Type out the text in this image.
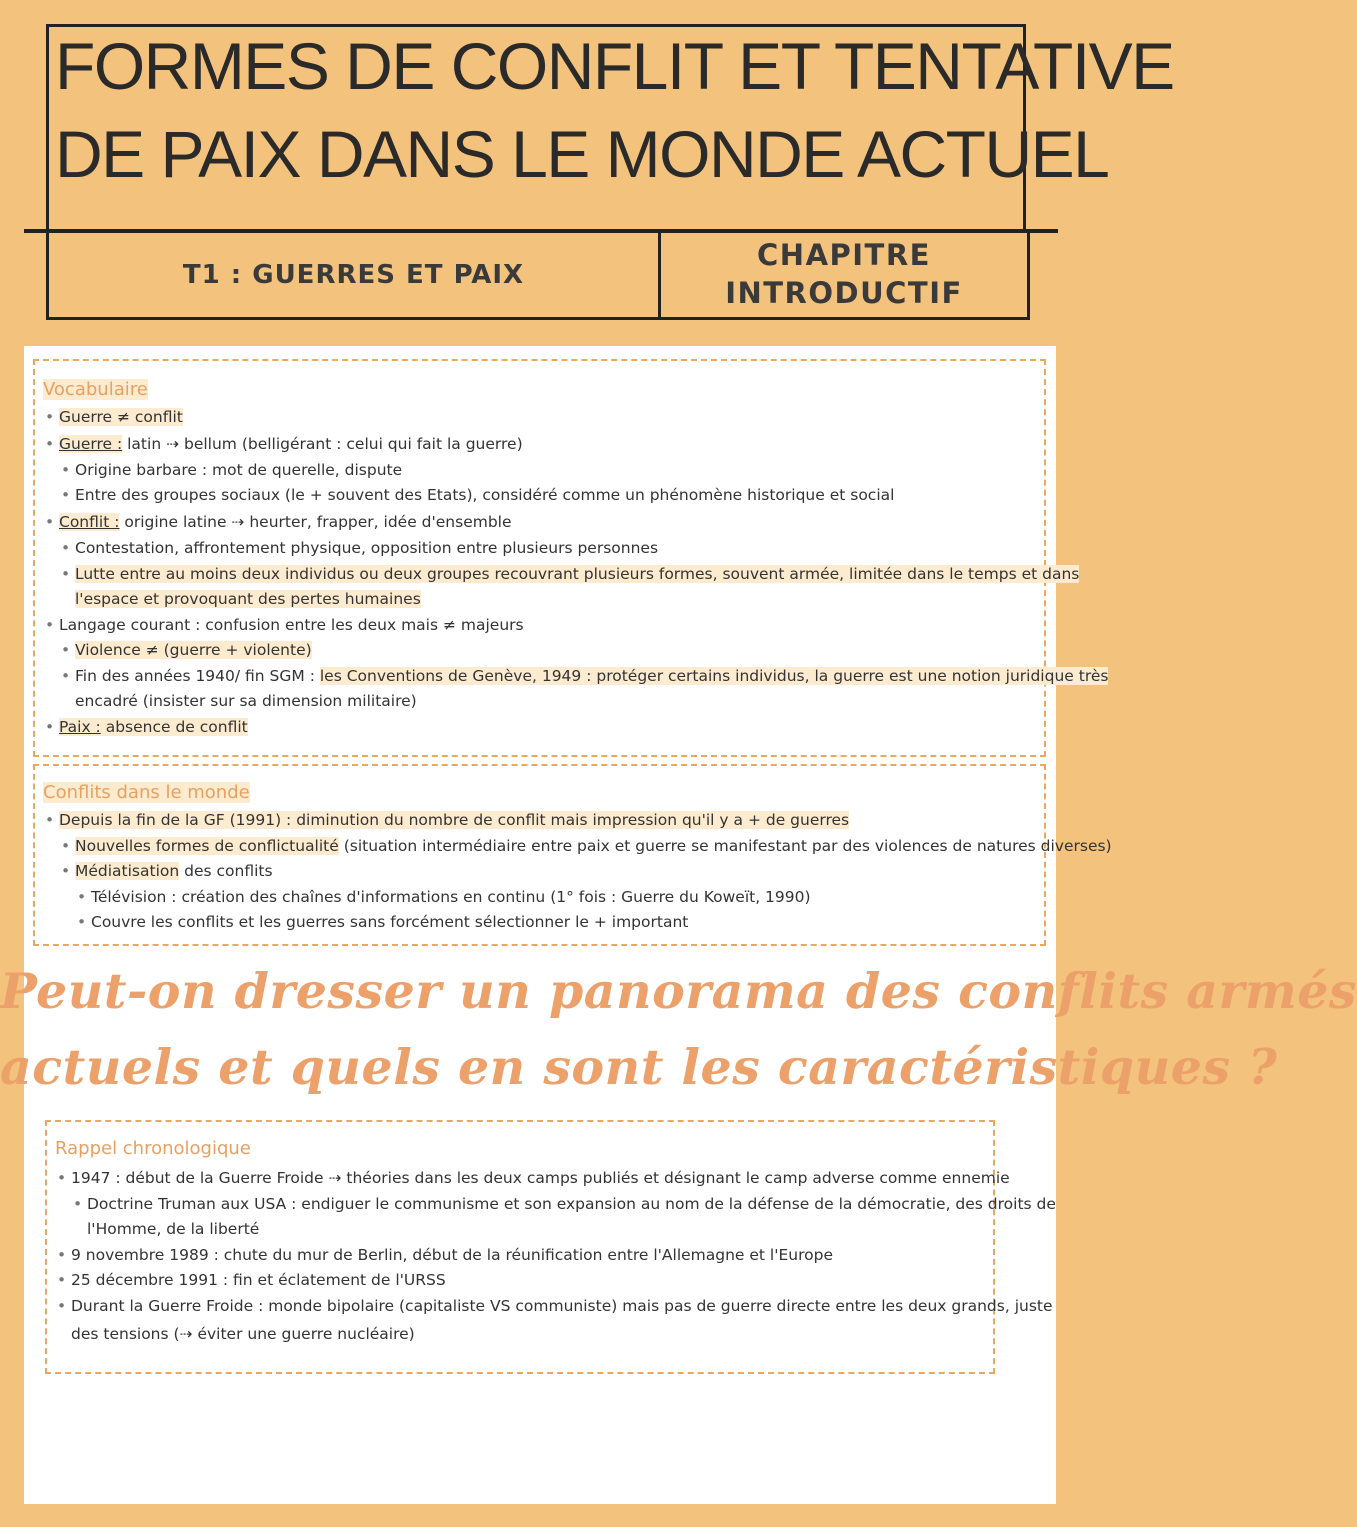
FORMES DE CONFLIT ET TENTATIVE
DE PAIX DANS LE MONDE ACTUEL
T1 : GUERRES ET PAIX
CHAPITRE
INTRODUCTIF
Vocabulaire
• Guerre ≠ conflit
• Guerre : latin ⇢ bellum (belligérant : celui qui fait la guerre)
• Origine barbare : mot de querelle, dispute
• Entre des groupes sociaux (le + souvent des Etats), considéré comme un phénomène historique et social
• Conflit : origine latine ⇢ heurter, frapper, idée d'ensemble
• Contestation, affrontement physique, opposition entre plusieurs personnes
• Lutte entre au moins deux individus ou deux groupes recouvrant plusieurs formes, souvent armée, limitée dans le temps et dans
l'espace et provoquant des pertes humaines
• Langage courant : confusion entre les deux mais ≠ majeurs
• Violence ≠ (guerre + violente)
• Fin des années 1940/ fin SGM : les Conventions de Genève, 1949 : protéger certains individus, la guerre est une notion juridique très
encadré (insister sur sa dimension militaire)
• Paix : absence de conflit
Conflits dans le monde
• Depuis la fin de la GF (1991) : diminution du nombre de conflit mais impression qu'il y a + de guerres
• Nouvelles formes de conflictualité (situation intermédiaire entre paix et guerre se manifestant par des violences de natures diverses)
• Médiatisation des conflits
• Télévision : création des chaînes d'informations en continu (1° fois : Guerre du Koweït, 1990)
• Couvre les conflits et les guerres sans forcément sélectionner le + important
Rappel chronologique
• 1947 : début de la Guerre Froide ⇢ théories dans les deux camps publiés et désignant le camp adverse comme ennemie
• Doctrine Truman aux USA : endiguer le communisme et son expansion au nom de la défense de la démocratie, des droits de
l'Homme, de la liberté
• 9 novembre 1989 : chute du mur de Berlin, début de la réunification entre l'Allemagne et l'Europe
• 25 décembre 1991 : fin et éclatement de l'URSS
• Durant la Guerre Froide : monde bipolaire (capitaliste VS communiste) mais pas de guerre directe entre les deux grands, juste
des tensions (⇢ éviter une guerre nucléaire)
Peut-on dresser un panorama des conflits armés
actuels et quels en sont les caractéristiques ?
